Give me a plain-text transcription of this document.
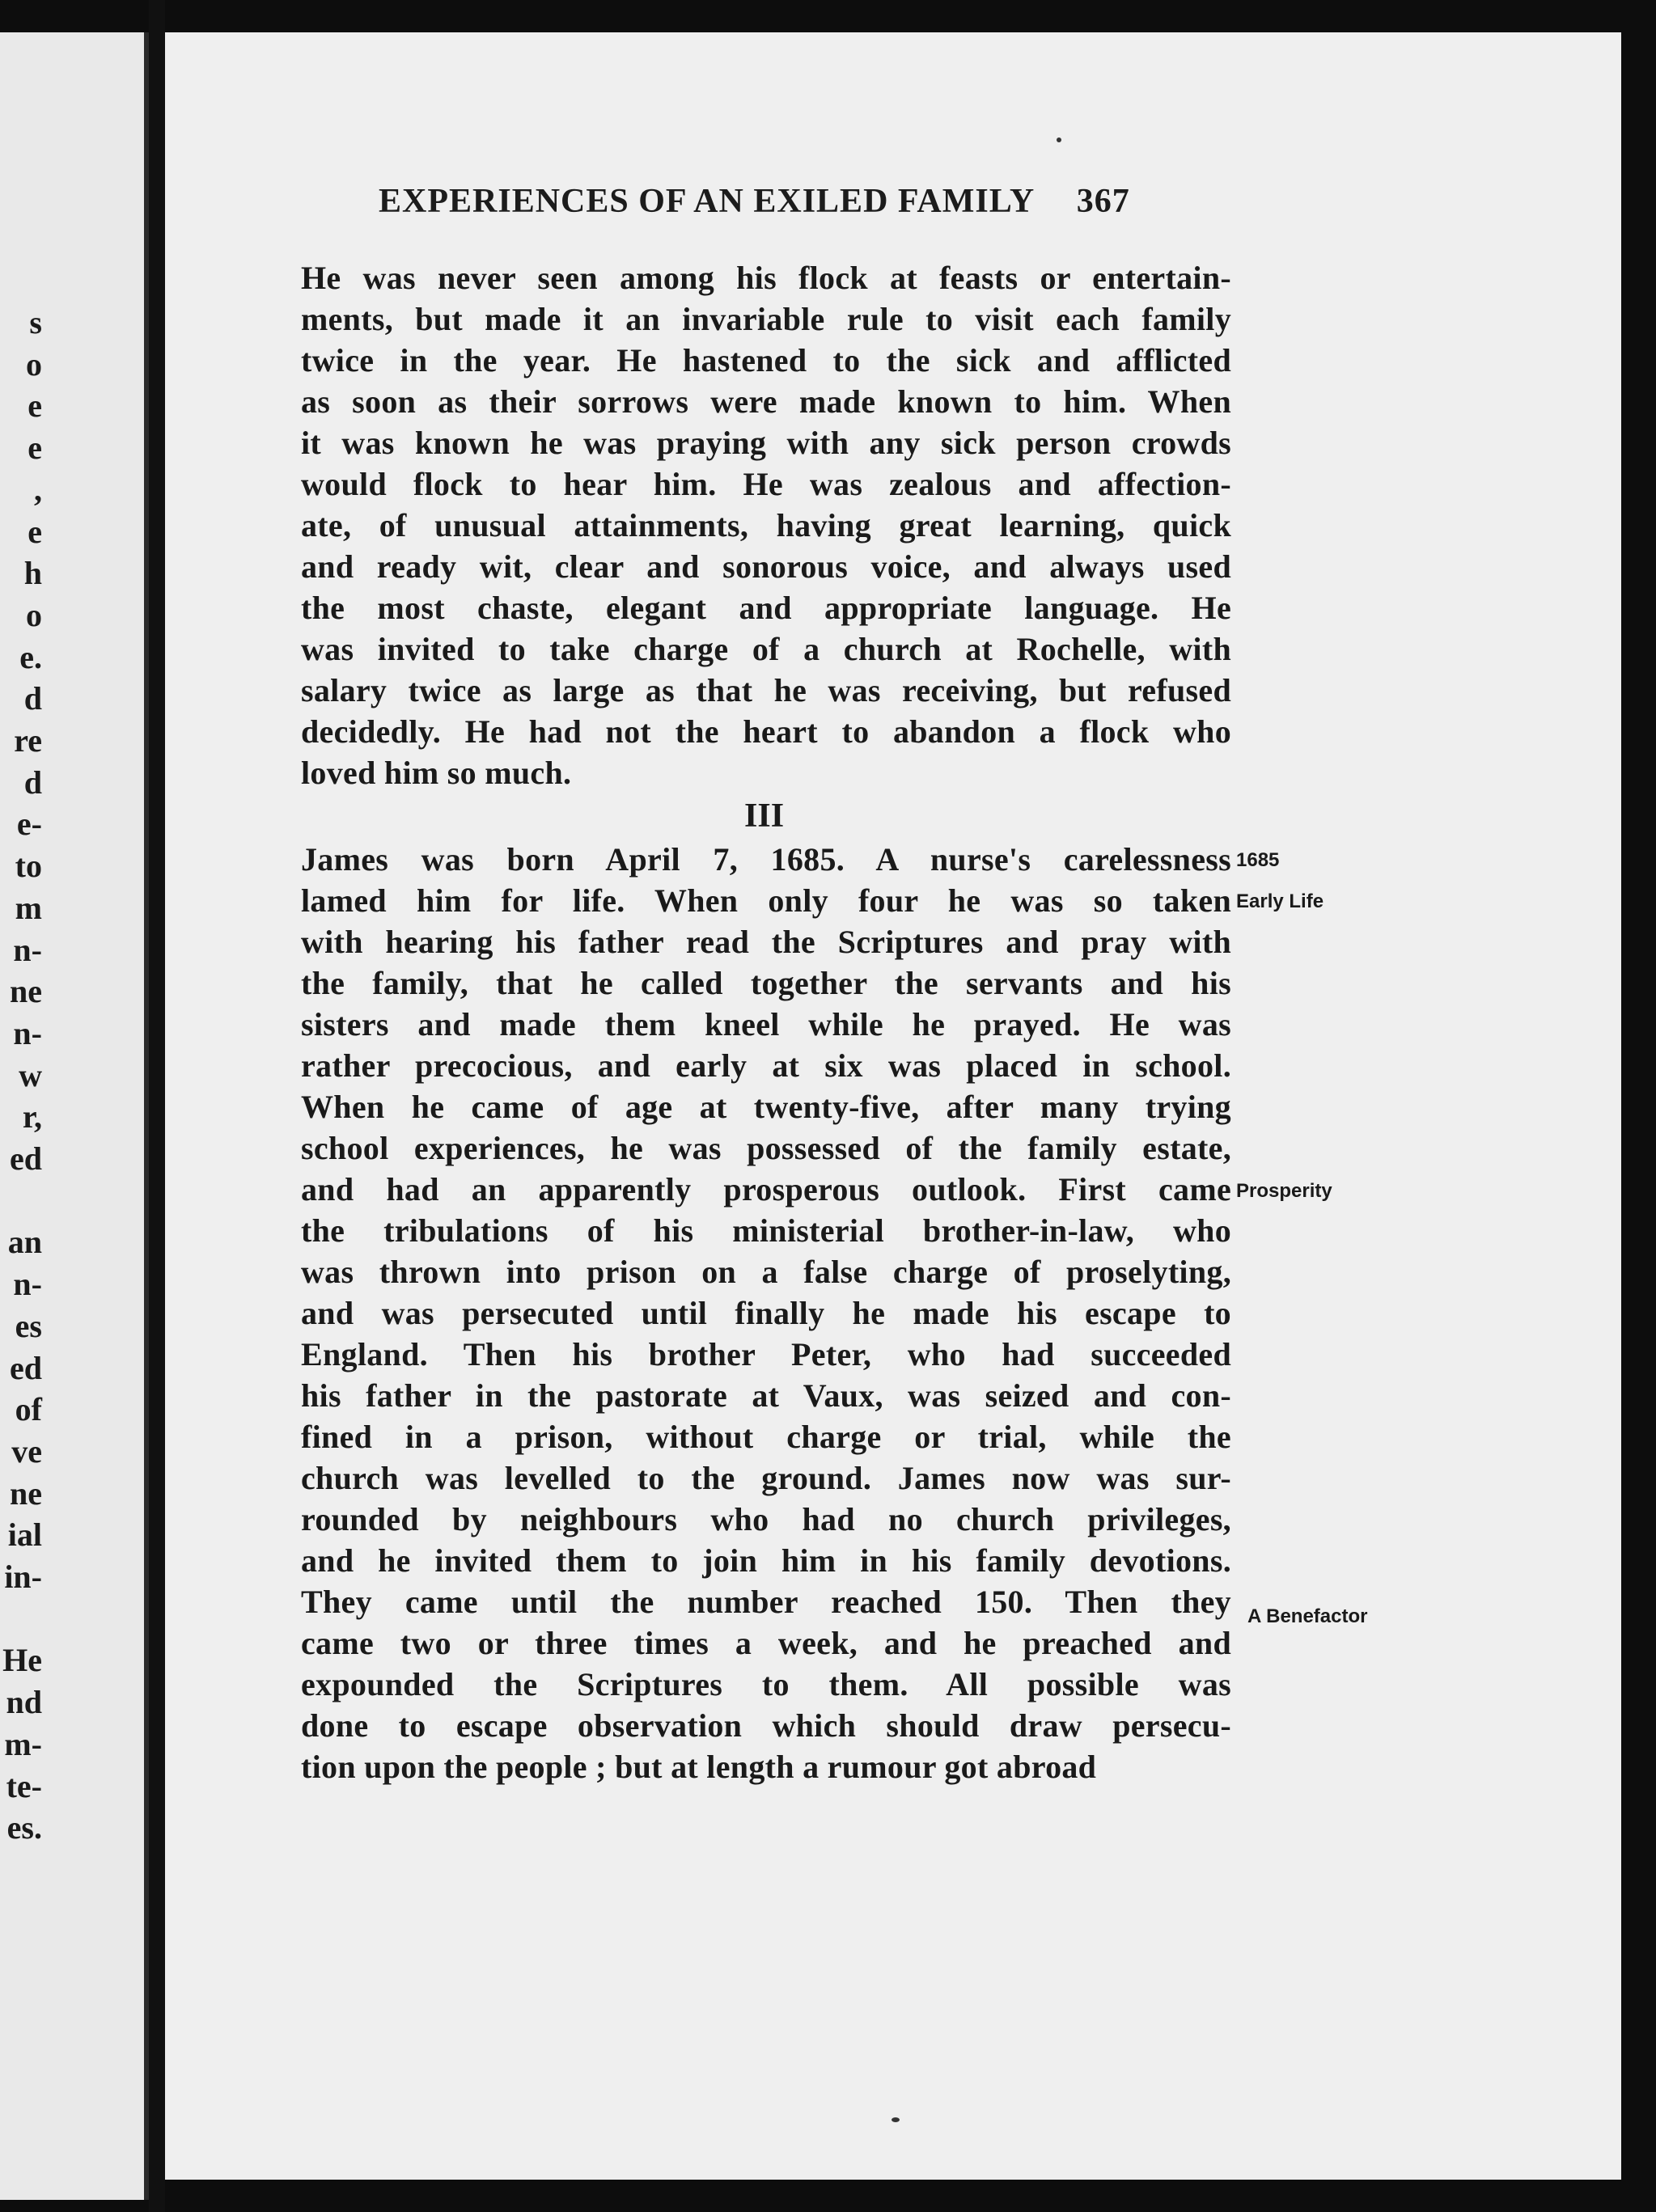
s
o
e
e
,
e
h
o
e.
d
re
d
e-
to
m
n-
ne
n-
w
r,
ed
an
n-
es
ed
of
ve
ne
ial
in-
He
nd
m-
te-
es.
EXPERIENCES OF AN EXILED FAMILY 367
He was never seen among his flock at feasts or entertain-
ments, but made it an invariable rule to visit each family
twice in the year. He hastened to the sick and afflicted
as soon as their sorrows were made known to him. When
it was known he was praying with any sick person crowds
would flock to hear him. He was zealous and affection-
ate, of unusual attainments, having great learning, quick
and ready wit, clear and sonorous voice, and always used
the most chaste, elegant and appropriate language. He
was invited to take charge of a church at Rochelle, with
salary twice as large as that he was receiving, but refused
decidedly. He had not the heart to abandon a flock who
loved him so much.
III
James was born April 7, 1685. A nurse's carelessness
lamed him for life. When only four he was so taken
with hearing his father read the Scriptures and pray with
the family, that he called together the servants and his
sisters and made them kneel while he prayed. He was
rather precocious, and early at six was placed in school.
When he came of age at twenty-five, after many trying
school experiences, he was possessed of the family estate,
and had an apparently prosperous outlook. First came
the tribulations of his ministerial brother-in-law, who
was thrown into prison on a false charge of proselyting,
and was persecuted until finally he made his escape to
England. Then his brother Peter, who had succeeded
his father in the pastorate at Vaux, was seized and con-
fined in a prison, without charge or trial, while the
church was levelled to the ground. James now was sur-
rounded by neighbours who had no church privileges,
and he invited them to join him in his family devotions.
They came until the number reached 150. Then they
came two or three times a week, and he preached and
expounded the Scriptures to them. All possible was
done to escape observation which should draw persecu-
tion upon the people ; but at length a rumour got abroad
1685
Early Life
Prosperity
A Benefactor
